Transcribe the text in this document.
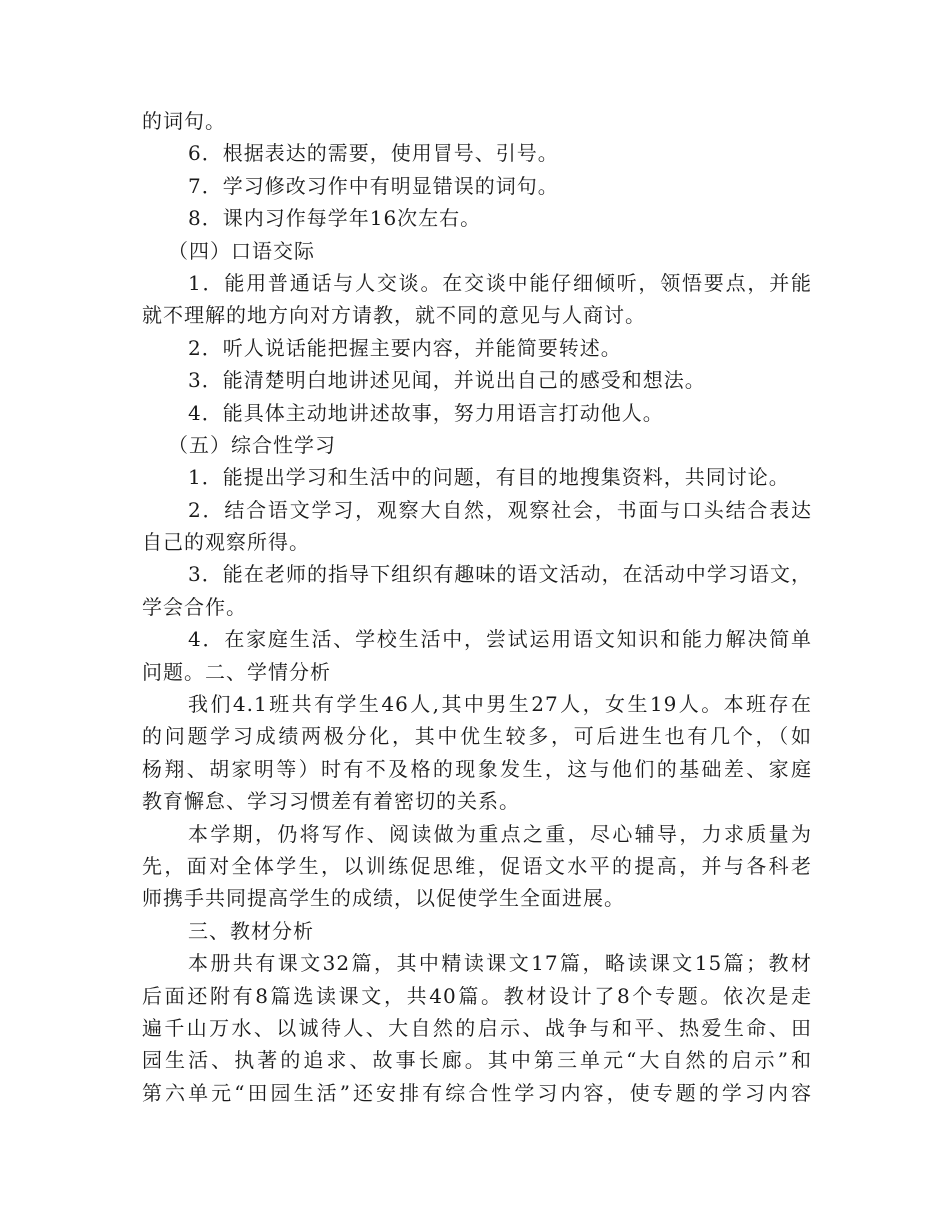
的词句。
6．根据表达的需要，使用冒号、引号。
7．学习修改习作中有明显错误的词句。
8．课内习作每学年16次左右。
（四）口语交际
1．能用普通话与人交谈。在交谈中能仔细倾听，领悟要点，并能
就不理解的地方向对方请教，就不同的意见与人商讨。
2．听人说话能把握主要内容，并能简要转述。
3．能清楚明白地讲述见闻，并说出自己的感受和想法。
4．能具体主动地讲述故事，努力用语言打动他人。
（五）综合性学习
1．能提出学习和生活中的问题，有目的地搜集资料，共同讨论。
2．结合语文学习，观察大自然，观察社会，书面与口头结合表达
自己的观察所得。
3．能在老师的指导下组织有趣味的语文活动，在活动中学习语文，
学会合作。
4．在家庭生活、学校生活中，尝试运用语文知识和能力解决简单
问题。二、学情分析
我们4.1班共有学生46人,其中男生27人，女生19人。本班存在
的问题学习成绩两极分化，其中优生较多，可后进生也有几个，（如
杨翔、胡家明等）时有不及格的现象发生，这与他们的基础差、家庭
教育懈怠、学习习惯差有着密切的关系。
本学期，仍将写作、阅读做为重点之重，尽心辅导，力求质量为
先，面对全体学生，以训练促思维，促语文水平的提高，并与各科老
师携手共同提高学生的成绩，以促使学生全面进展。
三、教材分析
本册共有课文32篇，其中精读课文17篇，略读课文15篇；教材
后面还附有8篇选读课文，共40篇。教材设计了8个专题。依次是走
遍千山万水、以诚待人、大自然的启示、战争与和平、热爱生命、田
园生活、执著的追求、故事长廊。其中第三单元“大自然的启示”和
第六单元“田园生活”还安排有综合性学习内容，使专题的学习内容
